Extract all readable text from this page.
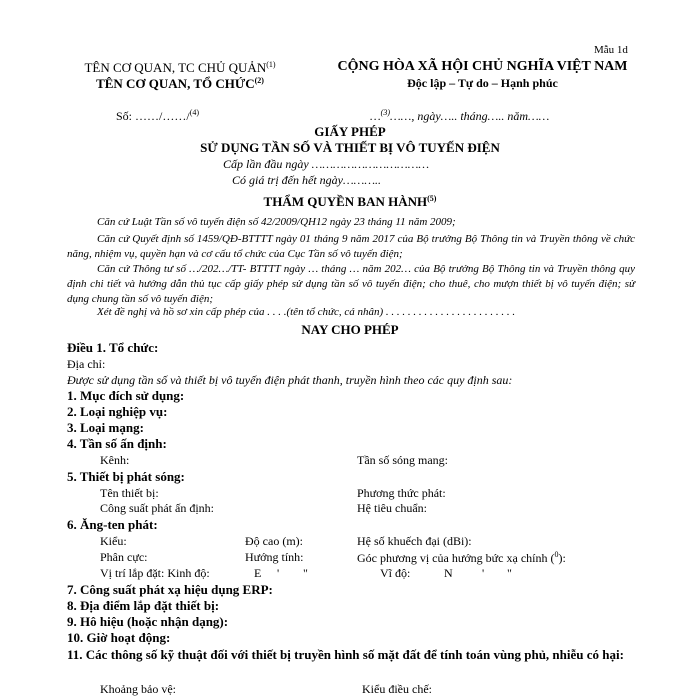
Mẫu 1d
TÊN CƠ QUAN, TC CHỦ QUẢN$^{(1)}$
TÊN CƠ QUAN, TỔ CHỨC$^{(2)}$
CỘNG HÒA XÃ HỘI CHỦ NGHĨA VIỆT NAM
Độc lập – Tự do – Hạnh phúc
Số: ……/……/$^{(4)}$	…$^{(3)}$……, ngày….. tháng….. năm……
GIẤY PHÉP
SỬ DỤNG TẦN SỐ VÀ THIẾT BỊ VÔ TUYẾN ĐIỆN
Cấp lần đầu ngày ……………………………
Có giá trị đến hết ngày………..
THẨM QUYỀN BAN HÀNH$^{(5)}$
Căn cứ Luật Tần số vô tuyến điện số 42/2009/QH12 ngày 23 tháng 11 năm 2009;
Căn cứ Quyết định số 1459/QĐ-BTTTT ngày 01 tháng 9 năm 2017 của Bộ trưởng Bộ Thông tin và Truyền thông về chức năng, nhiệm vụ, quyền hạn và cơ cấu tổ chức của Cục Tần số vô tuyến điện;
Căn cứ Thông tư số …/202…/TT- BTTTT ngày … tháng … năm 202… của Bộ trưởng Bộ Thông tin và Truyền thông quy định chi tiết và hướng dẫn thủ tục cấp giấy phép sử dụng tần số vô tuyến điện; cho thuê, cho mượn thiết bị vô tuyến điện; sử dụng chung tần số vô tuyến điện;
Xét đề nghị và hồ sơ xin cấp phép của . . . .(tên tổ chức, cá nhân) . . . . . . . . . . . . . . . . . . . . . . . .
NAY CHO PHÉP
Điều 1. Tổ chức:
Địa chỉ:
Được sử dụng tần số và thiết bị vô tuyến điện phát thanh, truyền hình theo các quy định sau:
1. Mục đích sử dụng:
2. Loại nghiệp vụ:
3. Loại mạng:
4. Tần số ấn định:
Kênh:	Tần số sóng mang:
5. Thiết bị phát sóng:
Tên thiết bị:	Phương thức phát:
Công suất phát ấn định:	Hệ tiêu chuẩn:
6. Ăng-ten phát:
Kiểu:	Độ cao (m):	Hệ số khuếch đại (dBi):
Phân cực:	Hướng tính:	Góc phương vị của hướng bức xạ chính ($^0$):
Vị trí lắp đặt: Kinh độ:	E ' "	Vĩ độ:	N ' "
7. Công suất phát xạ hiệu dụng ERP:
8. Địa điểm lắp đặt thiết bị:
9. Hô hiệu (hoặc nhận dạng):
10. Giờ hoạt động:
11. Các thông số kỹ thuật đối với thiết bị truyền hình số mặt đất để tính toán vùng phủ, nhiễu có hại:
Khoảng bảo vệ:	Kiểu điều chế:
